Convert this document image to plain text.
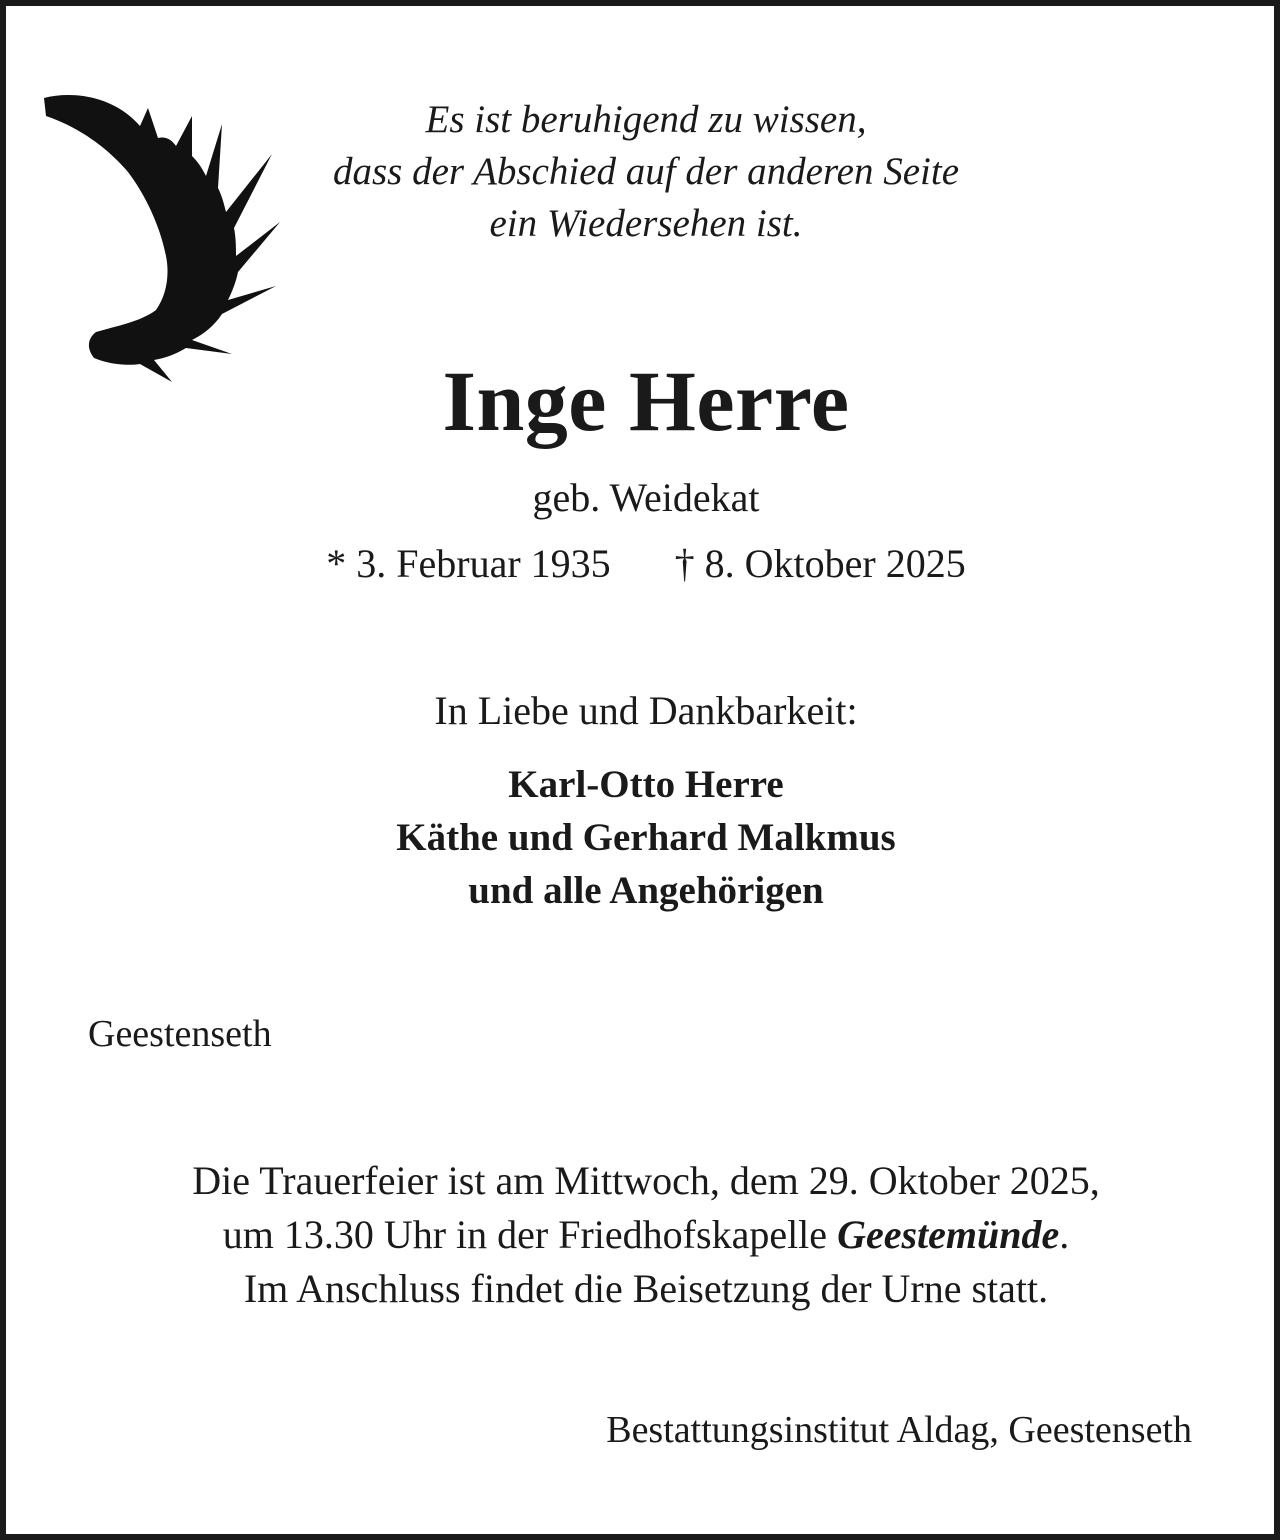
Es ist beruhigend zu wissen,
dass der Abschied auf der anderen Seite
ein Wiedersehen ist.
Inge Herre
geb. Weidekat
* 3. Februar 1935 † 8. Oktober 2025
In Liebe und Dankbarkeit:
Karl-Otto Herre
Käthe und Gerhard Malkmus
und alle Angehörigen
Geestenseth
Die Trauerfeier ist am Mittwoch, dem 29. Oktober 2025,
um 13.30 Uhr in der Friedhofskapelle Geestemünde.
Im Anschluss findet die Beisetzung der Urne statt.
Bestattungsinstitut Aldag, Geestenseth
